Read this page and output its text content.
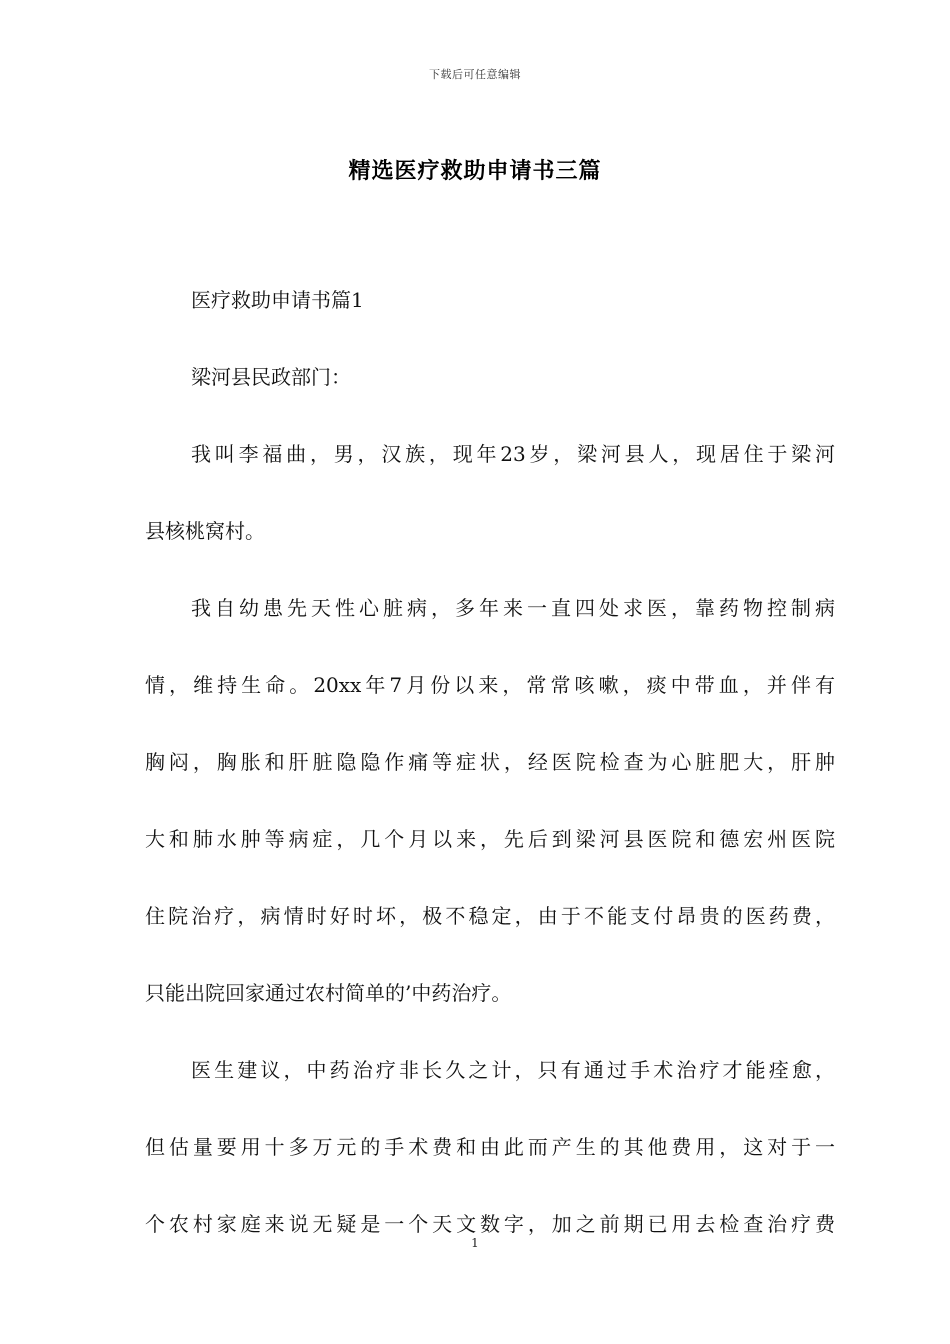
下载后可任意编辑
精选医疗救助申请书三篇
医疗救助申请书篇1
梁河县民政部门：
我叫李福曲，男，汉族，现年23岁，梁河县人，现居住于梁河
县核桃窝村。
我自幼患先天性心脏病，多年来一直四处求医，靠药物控制病
情，维持生命。20xx年7月份以来，常常咳嗽，痰中带血，并伴有
胸闷，胸胀和肝脏隐隐作痛等症状，经医院检查为心脏肥大，肝肿
大和肺水肿等病症，几个月以来，先后到梁河县医院和德宏州医院
住院治疗，病情时好时坏，极不稳定，由于不能支付昂贵的医药费，
只能出院回家通过农村简单的’中药治疗。
医生建议，中药治疗非长久之计，只有通过手术治疗才能痊愈，
但估量要用十多万元的手术费和由此而产生的其他费用，这对于一
个农村家庭来说无疑是一个天文数字，加之前期已用去检查治疗费
1
